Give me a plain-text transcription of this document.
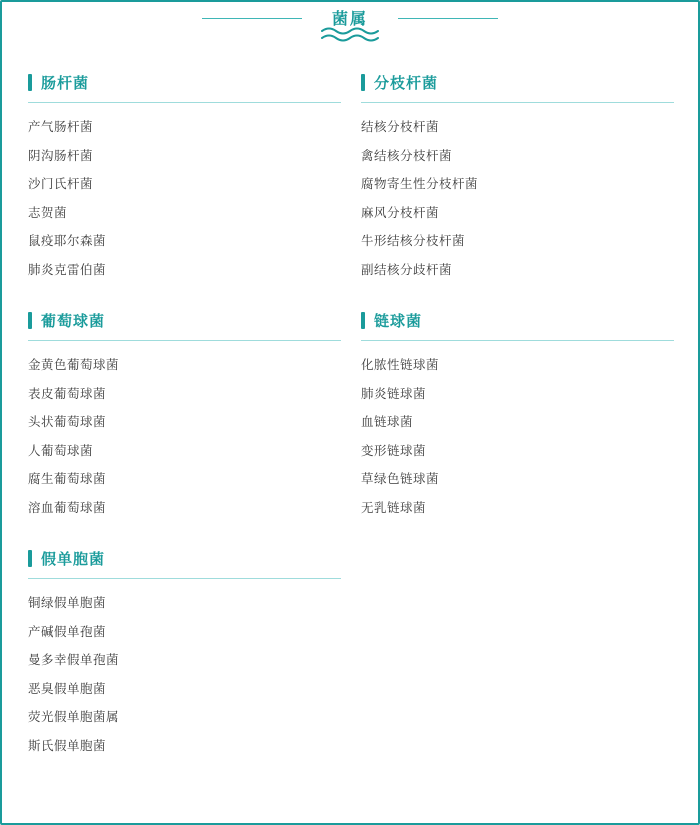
菌属
肠杆菌
产气肠杆菌
阴沟肠杆菌
沙门氏杆菌
志贺菌
鼠疫耶尔森菌
肺炎克雷伯菌
葡萄球菌
金黄色葡萄球菌
表皮葡萄球菌
头状葡萄球菌
人葡萄球菌
腐生葡萄球菌
溶血葡萄球菌
假单胞菌
铜绿假单胞菌
产碱假单孢菌
曼多幸假单孢菌
恶臭假单胞菌
荧光假单胞菌属
斯氏假单胞菌
分枝杆菌
结核分枝杆菌
禽结核分枝杆菌
腐物寄生性分枝杆菌
麻风分枝杆菌
牛形结核分枝杆菌
副结核分歧杆菌
链球菌
化脓性链球菌
肺炎链球菌
血链球菌
变形链球菌
草绿色链球菌
无乳链球菌
